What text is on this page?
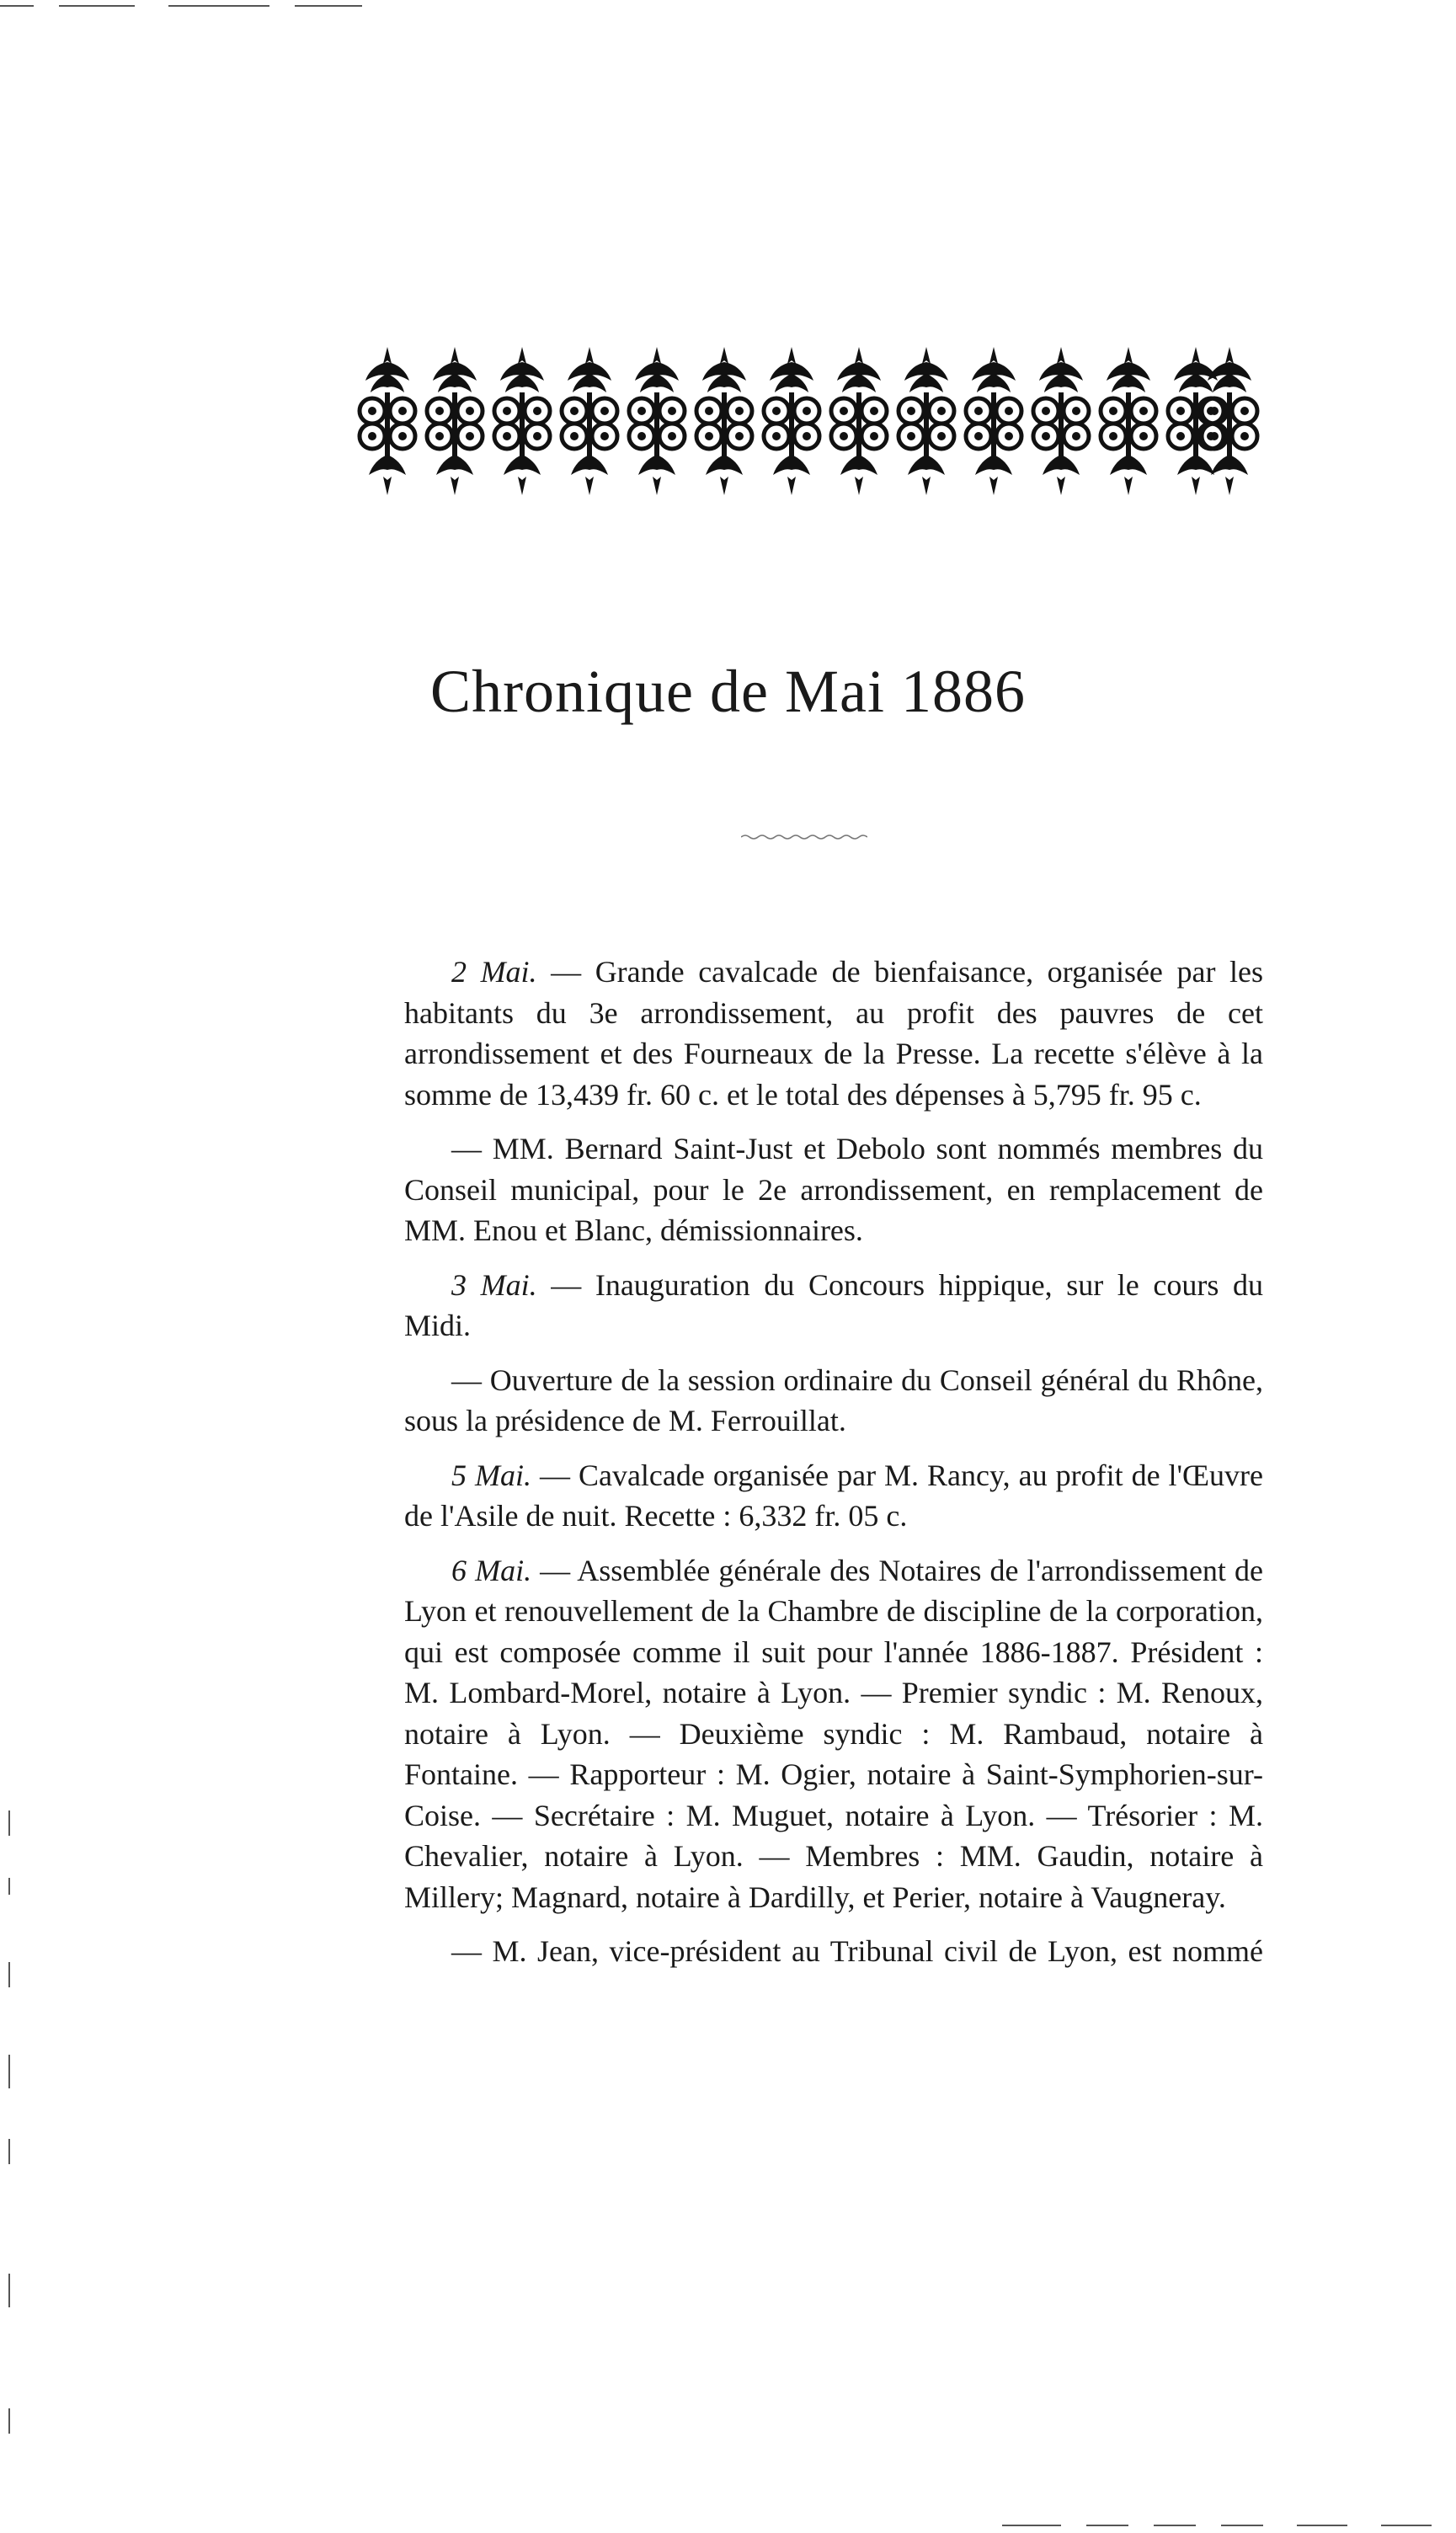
Chronique de Mai 1886

2 Mai. — Grande cavalcade de bienfaisance, organisée par les habitants du 3e arrondissement, au profit des pauvres de cet arrondissement et des Fourneaux de la Presse. La recette s'élève à la somme de 13,439 fr. 60 c. et le total des dépenses à 5,795 fr. 95 c.

— MM. Bernard Saint-Just et Debolo sont nommés membres du Conseil municipal, pour le 2e arrondissement, en remplacement de MM. Enou et Blanc, démissionnaires.

3 Mai. — Inauguration du Concours hippique, sur le cours du Midi.

— Ouverture de la session ordinaire du Conseil général du Rhône, sous la présidence de M. Ferrouillat.

5 Mai. — Cavalcade organisée par M. Rancy, au profit de l'Œuvre de l'Asile de nuit. Recette : 6,332 fr. 05 c.

6 Mai. — Assemblée générale des Notaires de l'arrondissement de Lyon et renouvellement de la Chambre de discipline de la corporation, qui est composée comme il suit pour l'année 1886-1887. Président : M. Lombard-Morel, notaire à Lyon. — Premier syndic : M. Renoux, notaire à Lyon. — Deuxième syndic : M. Rambaud, notaire à Fontaine. — Rapporteur : M. Ogier, notaire à Saint-Symphorien-sur-Coise. — Secrétaire : M. Muguet, notaire à Lyon. — Trésorier : M. Chevalier, notaire à Lyon. — Membres : MM. Gaudin, notaire à Millery; Magnard, notaire à Dardilly, et Perier, notaire à Vaugneray.

— M. Jean, vice-président au Tribunal civil de Lyon, est nommé
